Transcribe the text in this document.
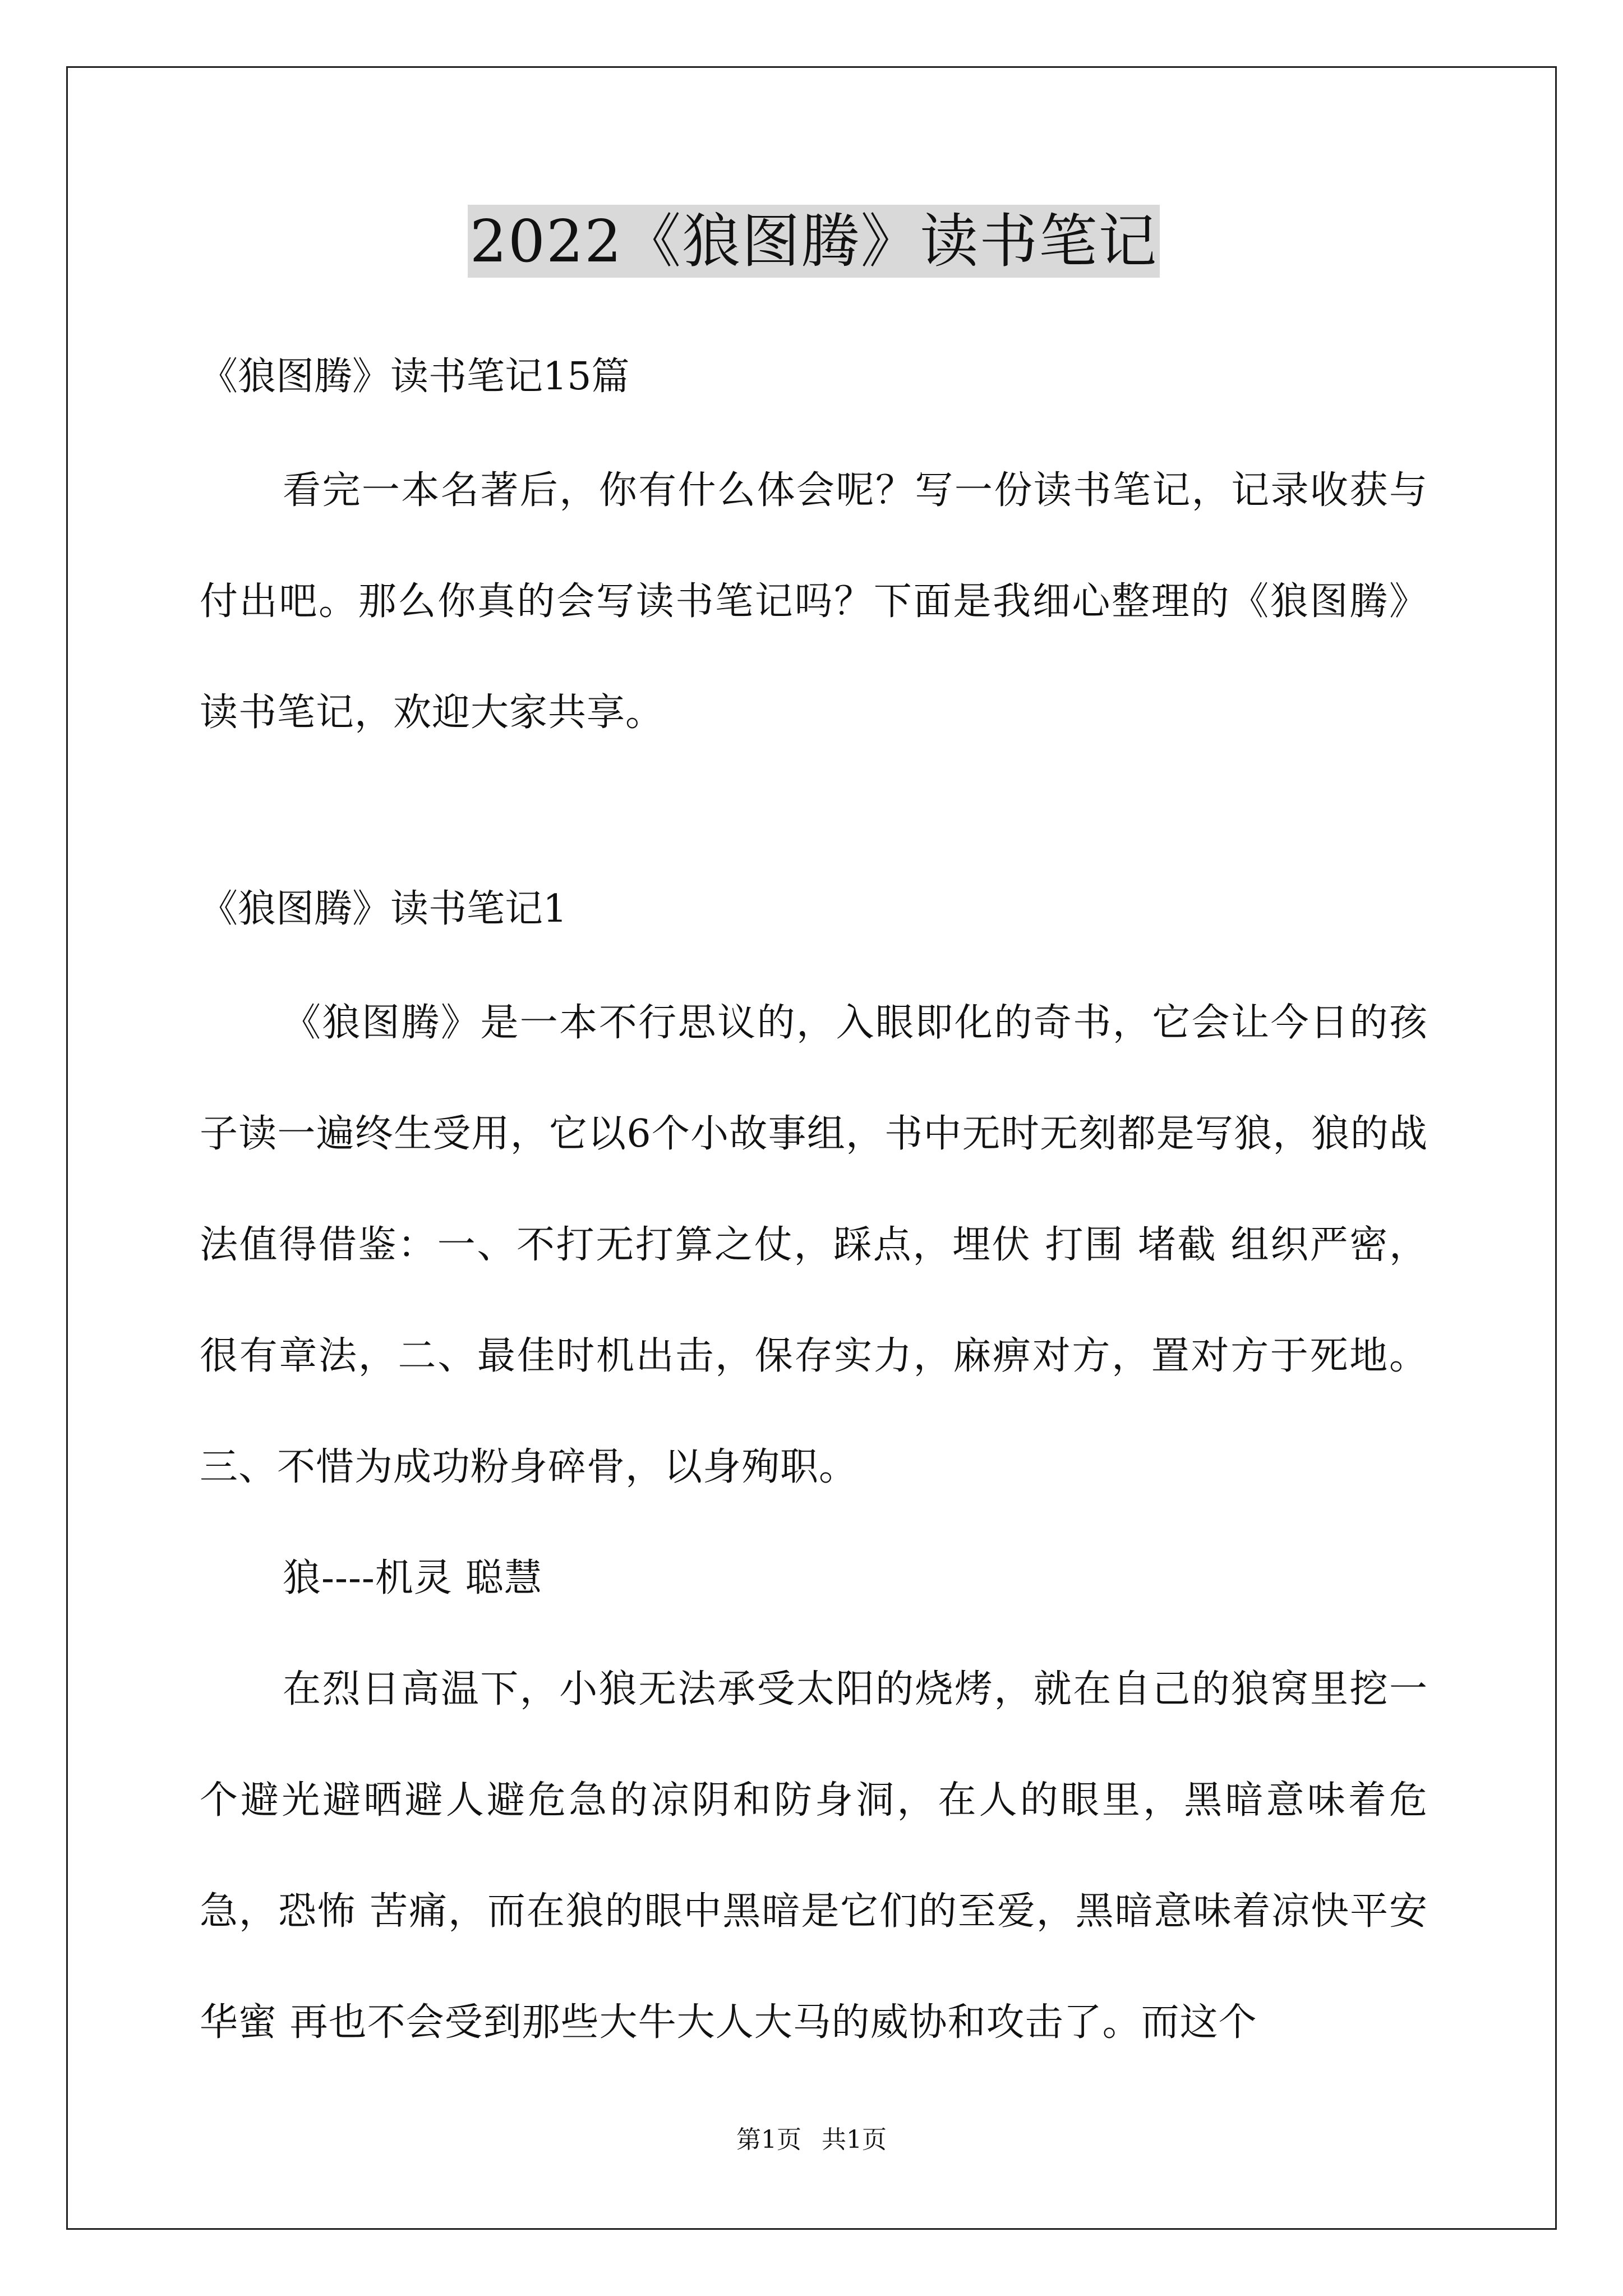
2022《狼图腾》读书笔记
《狼图腾》读书笔记15篇
看完一本名著后，你有什么体会呢？写一份读书笔记，记录收获与付出吧。那么你真的会写读书笔记吗？下面是我细心整理的《狼图腾》读书笔记，欢迎大家共享。
《狼图腾》读书笔记1
《狼图腾》是一本不行思议的，入眼即化的奇书，它会让今日的孩子读一遍终生受用，它以6个小故事组，书中无时无刻都是写狼，狼的战法值得借鉴：一、不打无打算之仗，踩点，埋伏 打围 堵截 组织严密，很有章法，二、最佳时机出击，保存实力，麻痹对方，置对方于死地。三、不惜为成功粉身碎骨，以身殉职。
狼----机灵 聪慧
在烈日高温下，小狼无法承受太阳的烧烤，就在自己的狼窝里挖一个避光避晒避人避危急的凉阴和防身洞，在人的眼里，黑暗意味着危急，恐怖 苦痛，而在狼的眼中黑暗是它们的至爱，黑暗意味着凉快平安 华蜜 再也不会受到那些大牛大人大马的威协和攻击了。而这个
第1页 共1页
